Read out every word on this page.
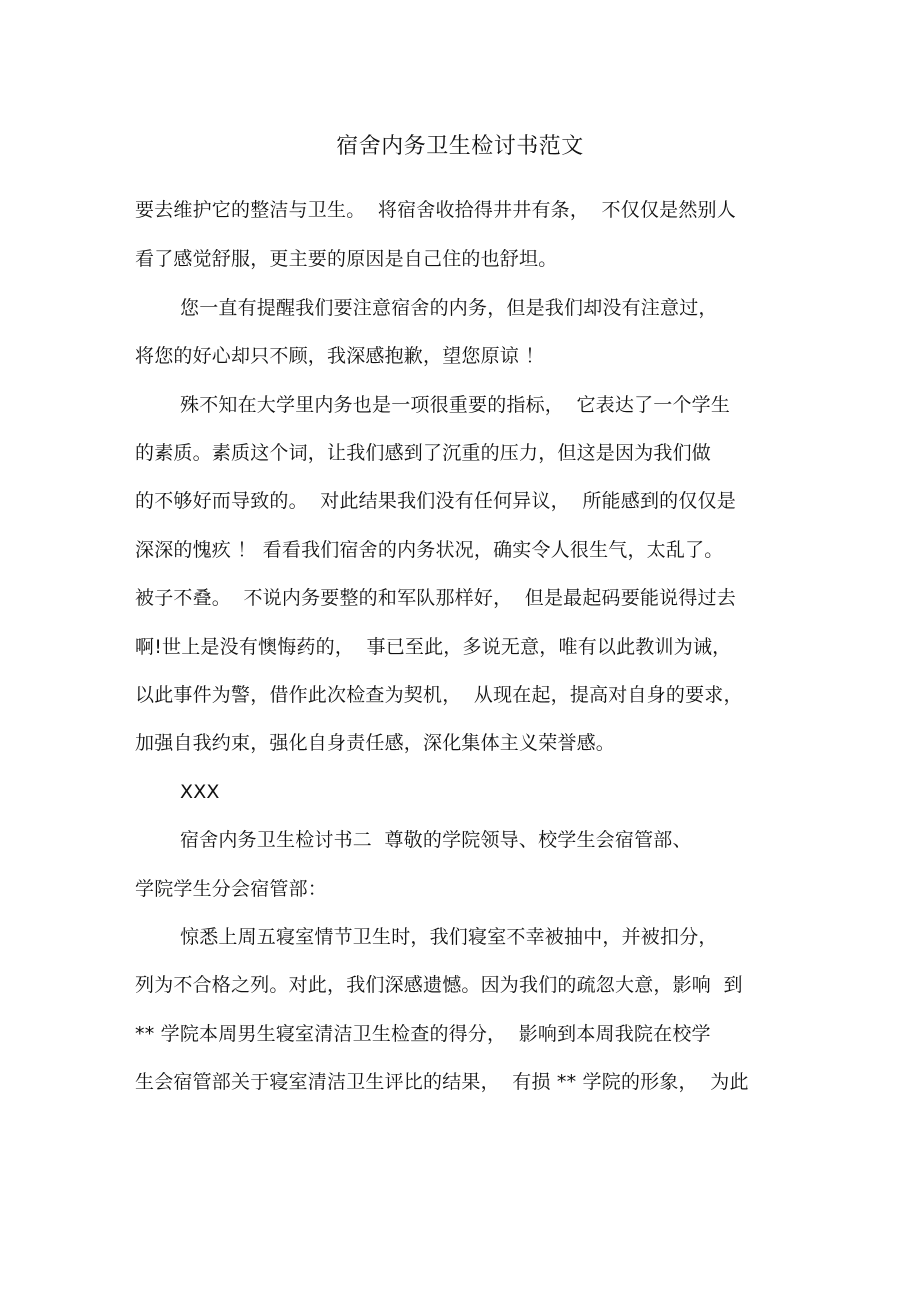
宿舍内务卫生检讨书范文
要去维护它的整洁与卫生。  将宿舍收拾得井井有条，  不仅仅是然别人
看了感觉舒服，更主要的原因是自己住的也舒坦。
您一直有提醒我们要注意宿舍的内务，但是我们却没有注意过，
将您的好心却只不顾，我深感抱歉，望您原谅 ！
殊不知在大学里内务也是一项很重要的指标，  它表达了一个学生
的素质。素质这个词，让我们感到了沉重的压力，但这是因为我们做
的不够好而导致的。  对此结果我们没有任何异议，  所能感到的仅仅是
深深的愧疚 ！ 看看我们宿舍的内务状况，确实令人很生气，太乱了。
被子不叠。  不说内务要整的和军队那样好，  但是最起码要能说得过去
啊!世上是没有懊悔药的，  事已至此，多说无意，唯有以此教训为诫，
以此事件为警，借作此次检查为契机，  从现在起，提高对自身的要求，
加强自我约束，强化自身责任感，深化集体主义荣誉感。
XXX
宿舍内务卫生检讨书二  尊敬的学院领导、校学生会宿管部、
学院学生分会宿管部：
惊悉上周五寝室情节卫生时，我们寝室不幸被抽中，并被扣分，
列为不合格之列。对此，我们深感遗憾。因为我们的疏忽大意，影响  到
** 学院本周男生寝室清洁卫生检查的得分，  影响到本周我院在校学
生会宿管部关于寝室清洁卫生评比的结果，  有损 ** 学院的形象，  为此
